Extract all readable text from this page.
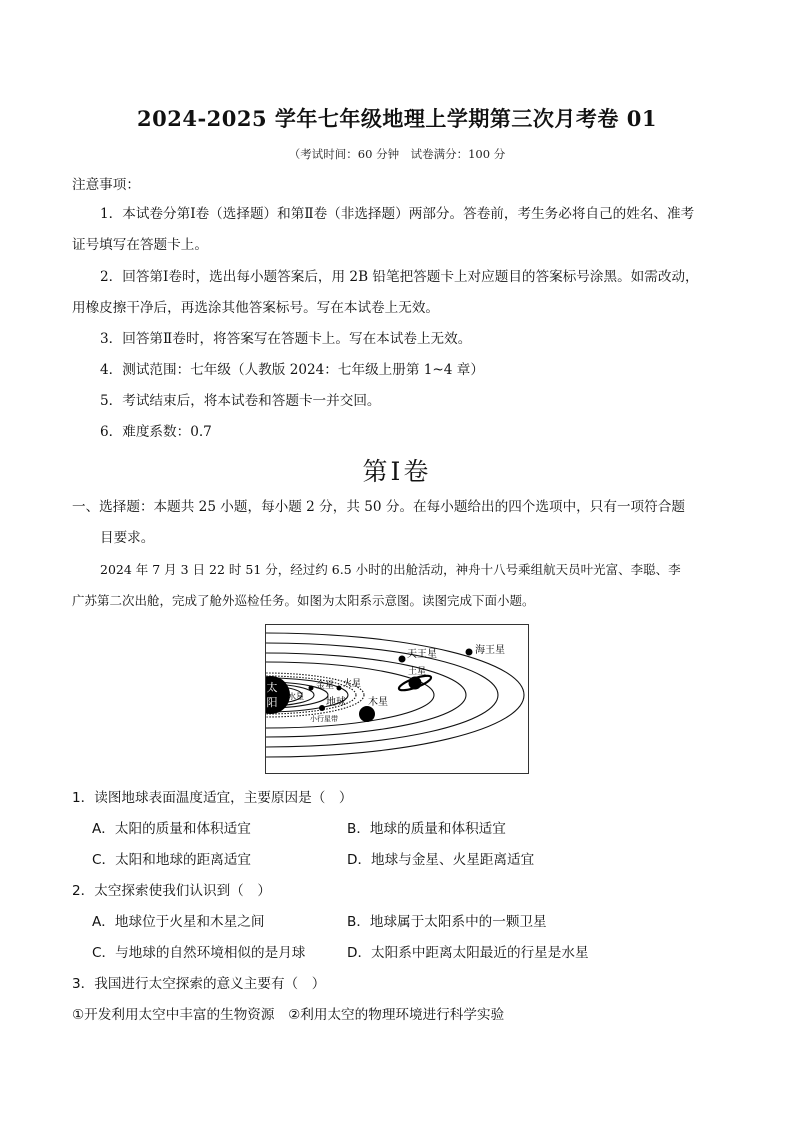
2024-2025 学年七年级地理上学期第三次月考卷 01
（考试时间：60 分钟　试卷满分：100 分
注意事项：
1．本试卷分第Ⅰ卷（选择题）和第Ⅱ卷（非选择题）两部分。答卷前，考生务必将自己的姓名、准考
证号填写在答题卡上。
2．回答第Ⅰ卷时，选出每小题答案后，用 2B 铅笔把答题卡上对应题目的答案标号涂黑。如需改动，
用橡皮擦干净后，再选涂其他答案标号。写在本试卷上无效。
3．回答第Ⅱ卷时，将答案写在答题卡上。写在本试卷上无效。
4．测试范围：七年级（人教版 2024：七年级上册第 1~4 章）
5．考试结束后，将本试卷和答题卡一并交回。
6．难度系数：0.7
第Ⅰ卷
一、选择题：本题共 25 小题，每小题 2 分，共 50 分。在每小题给出的四个选项中，只有一项符合题
目要求。
2024 年 7 月 3 日 22 时 51 分，经过约 6.5 小时的出舱活动，神舟十八号乘组航天员叶光富、李聪、李
广苏第二次出舱，完成了舱外巡检任务。如图为太阳系示意图。读图完成下面小题。
太
阳 水星
金星
地球
火星
小行星带
木星
土星
天王星	海王星
1．读图地球表面温度适宜，主要原因是（　）
A．太阳的质量和体积适宜	B．地球的质量和体积适宜
C．太阳和地球的距离适宜	D．地球与金星、火星距离适宜
2．太空探索使我们认识到（　）
A．地球位于火星和木星之间	B．地球属于太阳系中的一颗卫星
C．与地球的自然环境相似的是月球	D．太阳系中距离太阳最近的行星是水星
3．我国进行太空探索的意义主要有（　）
①开发利用太空中丰富的生物资源　②利用太空的物理环境进行科学实验
